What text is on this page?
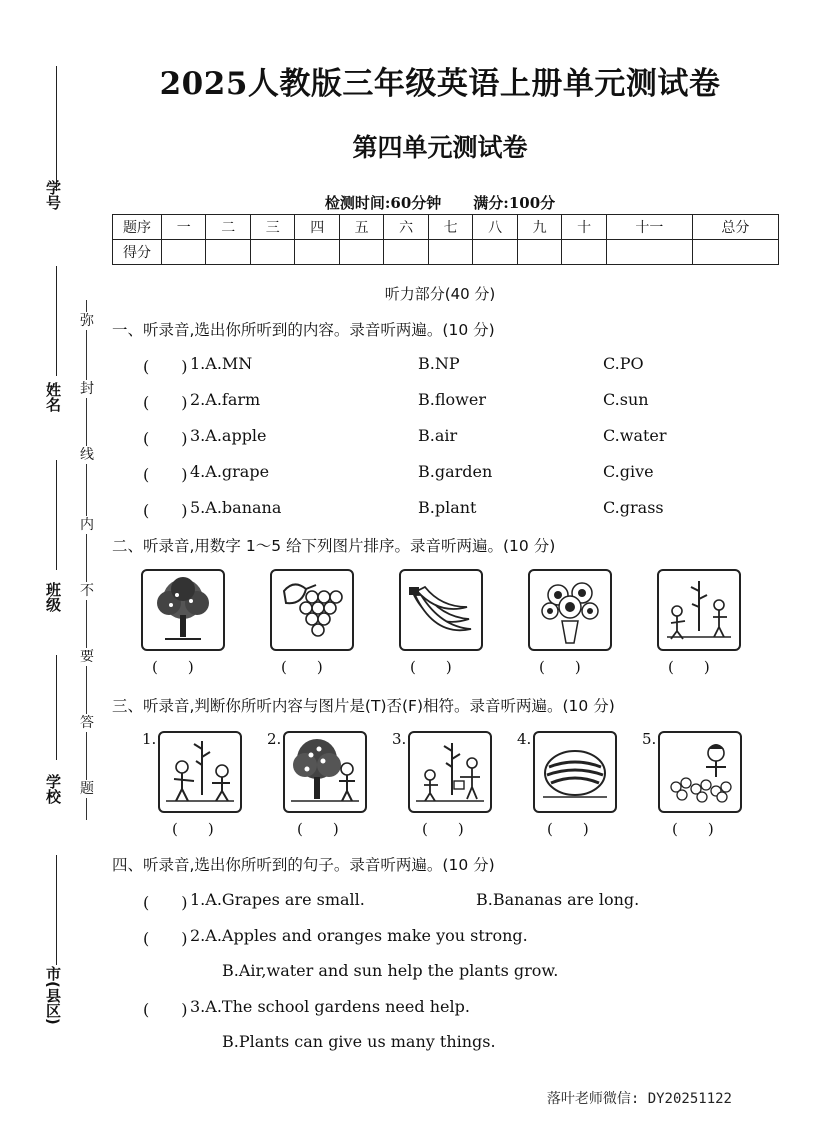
学号
姓名
班级
学校
市(县区)
弥
封
线
内
不
要
答
题
2025人教版三年级英语上册单元测试卷
第四单元测试卷
检测时间:60分钟 满分:100分
题序	一	二	三	四	五	六	七	八	九	十	十一	总分
得分												
听力部分(40 分)
一、听录音,选出你所听到的内容。录音听两遍。(10 分)
(　　) 1.A.MN	B.NP	C.PO
(　　) 2.A.farm	B.flower	C.sun
(　　) 3.A.apple	B.air	C.water
(　　) 4.A.grape	B.garden	C.give
(　　) 5.A.banana	B.plant	C.grass
二、听录音,用数字 1～5 给下列图片排序。录音听两遍。(10 分)
(　　)	(　　)	(　　)	(　　)	(　　)
三、听录音,判断你所听内容与图片是(T)否(F)相符。录音听两遍。(10 分)
1.	2.	3.	4.	5.
(　　)	(　　)	(　　)	(　　)	(　　)
四、听录音,选出你所听到的句子。录音听两遍。(10 分)
(　　) 1.A.Grapes are small.	B.Bananas are long.
(　　) 2.A.Apples and oranges make you strong.
B.Air,water and sun help the plants grow.
(　　) 3.A.The school gardens need help.
B.Plants can give us many things.
落叶老师微信: DY20251122
